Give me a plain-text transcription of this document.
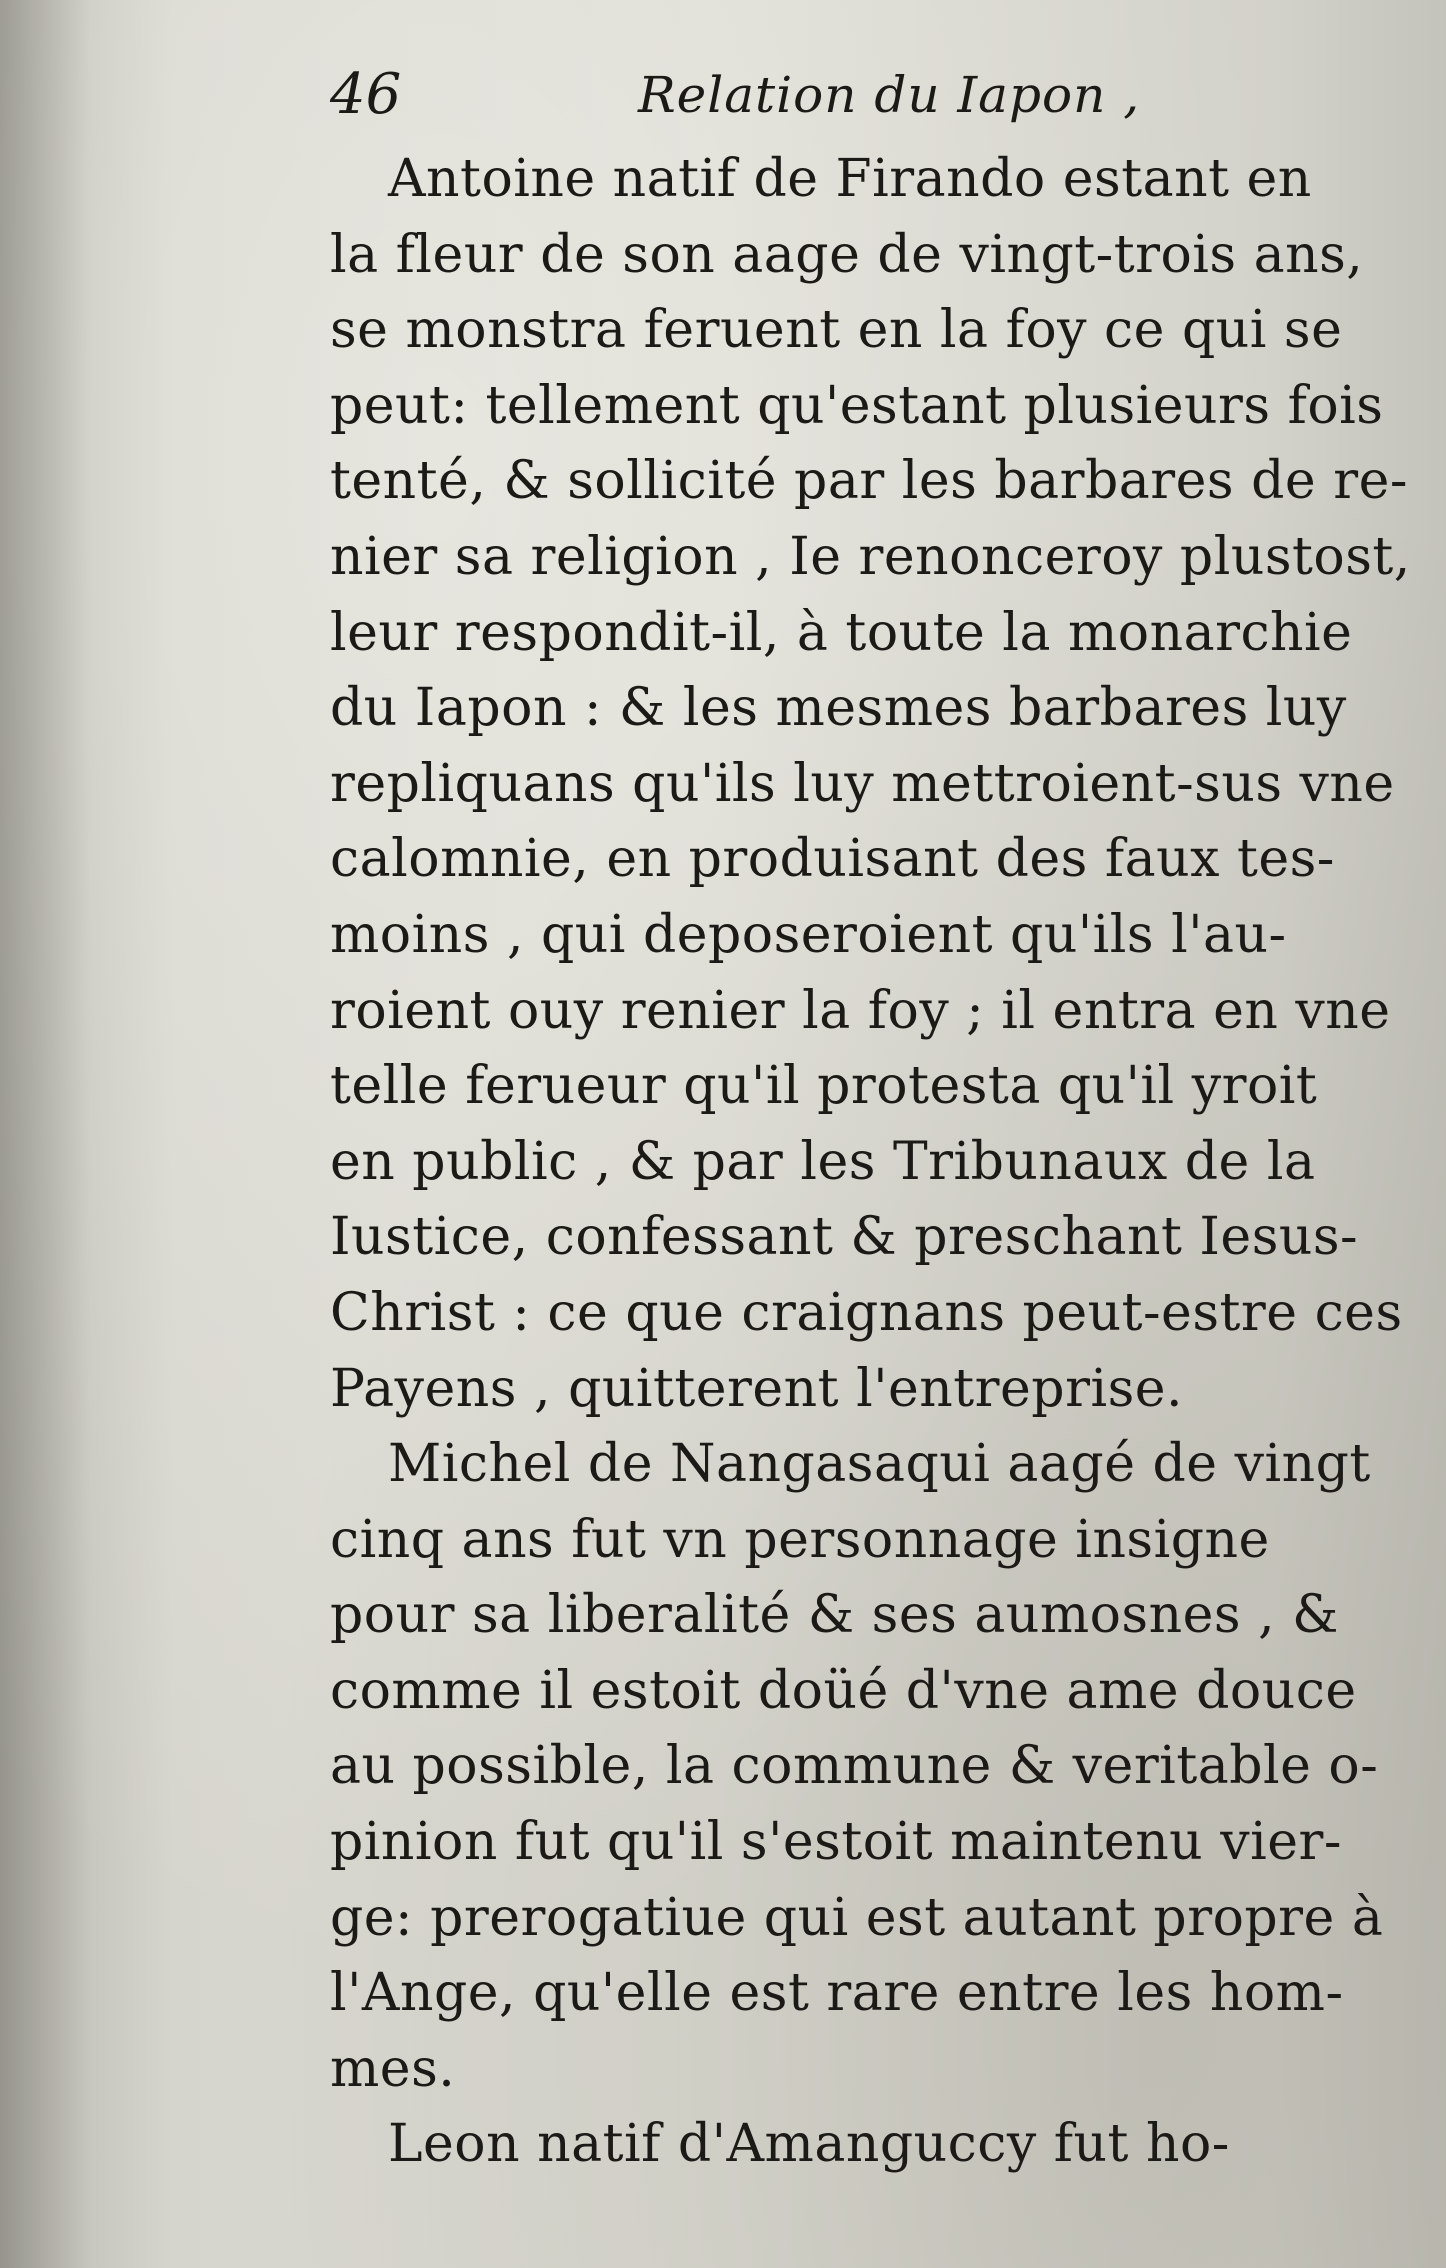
46	Relation du Iapon ,
Antoine natif de Firando estant en
la fleur de son aage de vingt-trois ans,
se monstra feruent en la foy ce qui se
peut: tellement qu'estant plusieurs fois
tenté, & sollicité par les barbares de re-
nier sa religion , Ie renonceroy plustost,
leur respondit-il, à toute la monarchie
du Iapon : & les mesmes barbares luy
repliquans qu'ils luy mettroient-sus vne
calomnie, en produisant des faux tes-
moins , qui deposeroient qu'ils l'au-
roient ouy renier la foy ; il entra en vne
telle ferueur qu'il protesta qu'il yroit
en public , & par les Tribunaux de la
Iustice, confessant & preschant Iesus-
Christ : ce que craignans peut-estre ces
Payens , quitterent l'entreprise.
Michel de Nangasaqui aagé de vingt
cinq ans fut vn personnage insigne
pour sa liberalité & ses aumosnes , &
comme il estoit doüé d'vne ame douce
au possible, la commune & veritable o-
pinion fut qu'il s'estoit maintenu vier-
ge: prerogatiue qui est autant propre à
l'Ange, qu'elle est rare entre les hom-
mes.
Leon natif d'Amanguccy fut ho-
